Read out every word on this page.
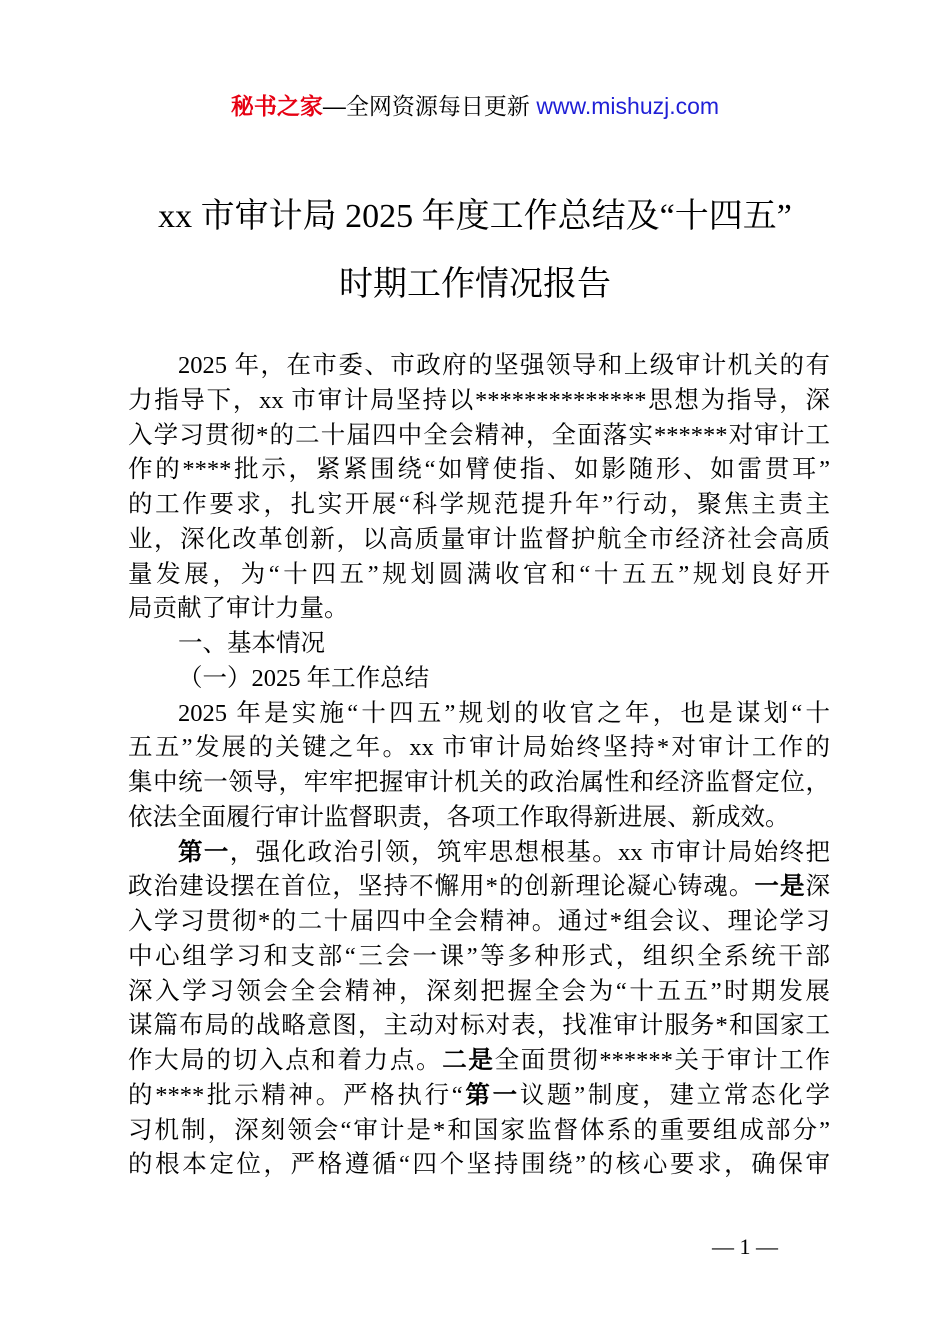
秘书之家—全网资源每日更新 www.mishuzj.com
xx 市审计局 2025 年度工作总结及“十四五”
时期工作情况报告
2025 年，在市委、市政府的坚强领导和上级审计机关的有
力指导下，xx 市审计局坚持以**************思想为指导，深
入学习贯彻*的二十届四中全会精神，全面落实******对审计工
作的****批示，紧紧围绕“如臂使指、如影随形、如雷贯耳”
的工作要求，扎实开展“科学规范提升年”行动，聚焦主责主
业，深化改革创新，以高质量审计监督护航全市经济社会高质
量发展，为“十四五”规划圆满收官和“十五五”规划良好开
局贡献了审计力量。
一、基本情况
（一）2025 年工作总结
2025 年是实施“十四五”规划的收官之年，也是谋划“十
五五”发展的关键之年。xx 市审计局始终坚持*对审计工作的
集中统一领导，牢牢把握审计机关的政治属性和经济监督定位，
依法全面履行审计监督职责，各项工作取得新进展、新成效。
第一，强化政治引领，筑牢思想根基。xx 市审计局始终把
政治建设摆在首位，坚持不懈用*的创新理论凝心铸魂。一是深
入学习贯彻*的二十届四中全会精神。通过*组会议、理论学习
中心组学习和支部“三会一课”等多种形式，组织全系统干部
深入学习领会全会精神，深刻把握全会为“十五五”时期发展
谋篇布局的战略意图，主动对标对表，找准审计服务*和国家工
作大局的切入点和着力点。二是全面贯彻******关于审计工作
的****批示精神。严格执行“第一议题”制度，建立常态化学
习机制，深刻领会“审计是*和国家监督体系的重要组成部分”
的根本定位，严格遵循“四个坚持围绕”的核心要求，确保审
— 1 —
